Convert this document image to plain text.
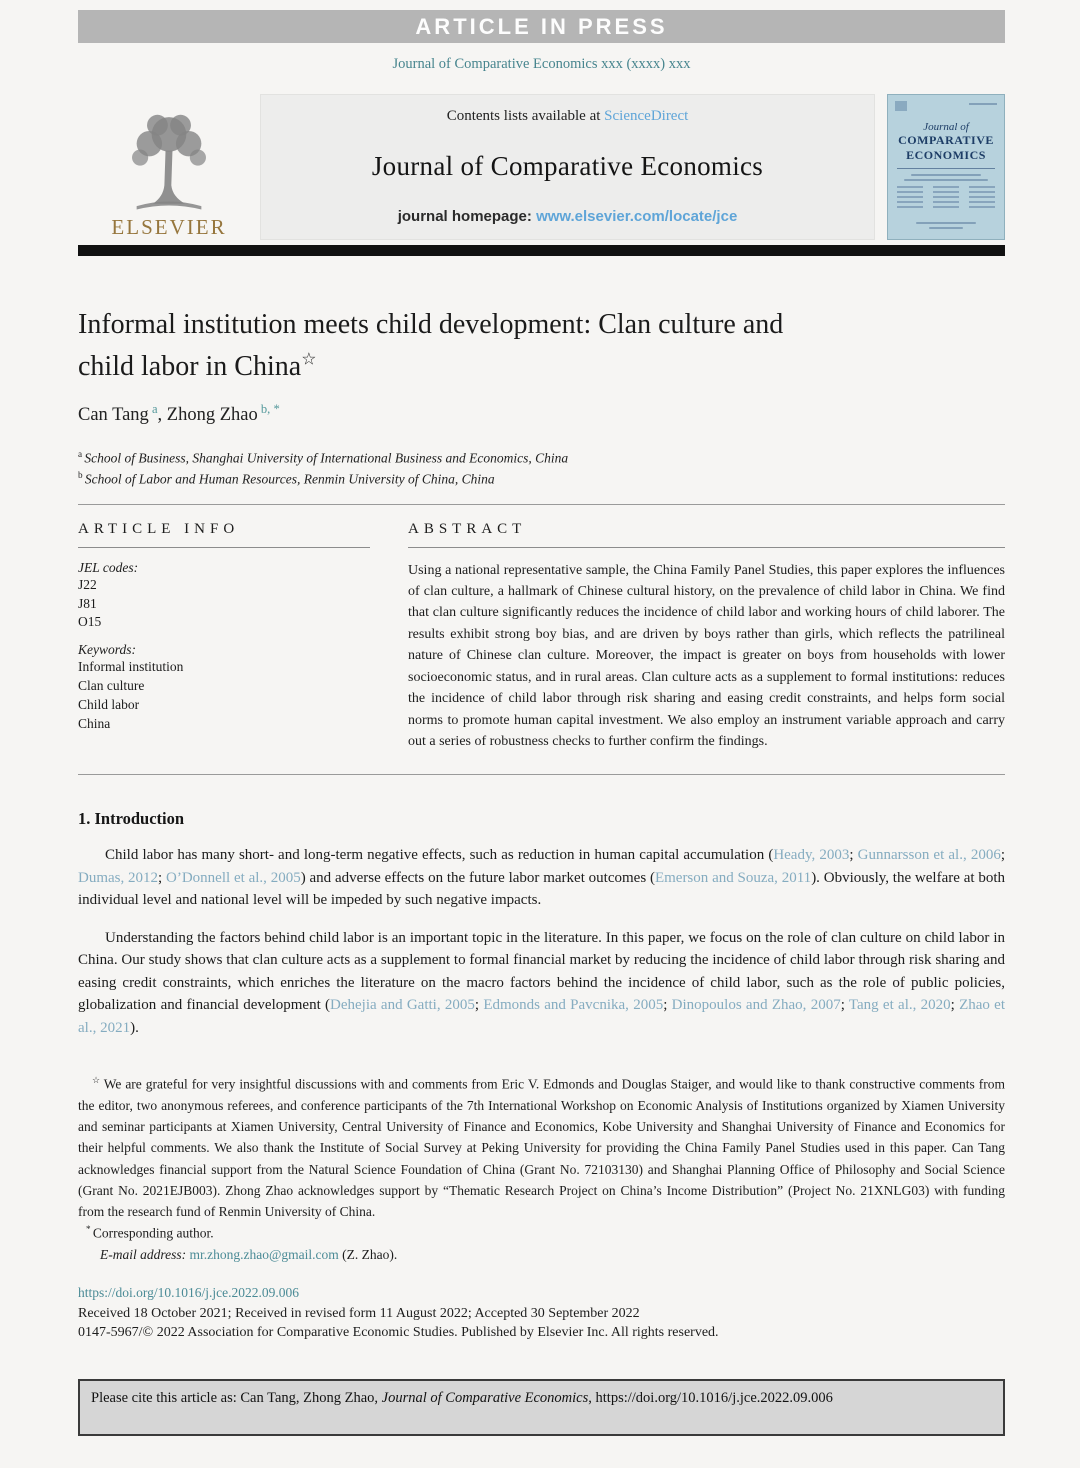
ARTICLE IN PRESS
Journal of Comparative Economics xxx (xxxx) xxx
ELSEVIER
Contents lists available at ScienceDirect
Journal of Comparative Economics
journal homepage: www.elsevier.com/locate/jce
Journal of
COMPARATIVE
ECONOMICS
Informal institution meets child development: Clan culture and
child labor in China☆
Can Tang $^a$, Zhong Zhao $^{b, *}$
$^a$ School of Business, Shanghai University of International Business and Economics, China
$^b$ School of Labor and Human Resources, Renmin University of China, China
ARTICLE INFO
JEL codes:
J22
J81
O15
Keywords:
Informal institution
Clan culture
Child labor
China
ABSTRACT
Using a national representative sample, the China Family Panel Studies, this paper explores the influences of clan culture, a hallmark of Chinese cultural history, on the prevalence of child labor in China. We find that clan culture significantly reduces the incidence of child labor and working hours of child laborer. The results exhibit strong boy bias, and are driven by boys rather than girls, which reflects the patrilineal nature of Chinese clan culture. Moreover, the impact is greater on boys from households with lower socioeconomic status, and in rural areas. Clan culture acts as a supplement to formal institutions: reduces the incidence of child labor through risk sharing and easing credit constraints, and helps form social norms to promote human capital investment. We also employ an instrument variable approach and carry out a series of robustness checks to further confirm the findings.
1. Introduction

Child labor has many short- and long-term negative effects, such as reduction in human capital accumulation (Heady, 2003; Gunnarsson et al., 2006; Dumas, 2012; O’Donnell et al., 2005) and adverse effects on the future labor market outcomes (Emerson and Souza, 2011). Obviously, the welfare at both individual level and national level will be impeded by such negative impacts.

Understanding the factors behind child labor is an important topic in the literature. In this paper, we focus on the role of clan culture on child labor in China. Our study shows that clan culture acts as a supplement to formal financial market by reducing the incidence of child labor through risk sharing and easing credit constraints, which enriches the literature on the macro factors behind the incidence of child labor, such as the role of public policies, globalization and financial development (Dehejia and Gatti, 2005; Edmonds and Pavcnika, 2005; Dinopoulos and Zhao, 2007; Tang et al., 2020; Zhao et al., 2021).

☆ We are grateful for very insightful discussions with and comments from Eric V. Edmonds and Douglas Staiger, and would like to thank constructive comments from the editor, two anonymous referees, and conference participants of the 7th International Workshop on Economic Analysis of Institutions organized by Xiamen University and seminar participants at Xiamen University, Central University of Finance and Economics, Kobe University and Shanghai University of Finance and Economics for their helpful comments. We also thank the Institute of Social Survey at Peking University for providing the China Family Panel Studies used in this paper. Can Tang acknowledges financial support from the Natural Science Foundation of China (Grant No. 72103130) and Shanghai Planning Office of Philosophy and Social Science (Grant No. 2021EJB003). Zhong Zhao acknowledges support by “Thematic Research Project on China’s Income Distribution” (Project No. 21XNLG03) with funding from the research fund of Renmin University of China.
* Corresponding author.
E-mail address: mr.zhong.zhao@gmail.com (Z. Zhao).
https://doi.org/10.1016/j.jce.2022.09.006
Received 18 October 2021; Received in revised form 11 August 2022; Accepted 30 September 2022
0147-5967/© 2022 Association for Comparative Economic Studies. Published by Elsevier Inc. All rights reserved.
Please cite this article as: Can Tang, Zhong Zhao, Journal of Comparative Economics, https://doi.org/10.1016/j.jce.2022.09.006
